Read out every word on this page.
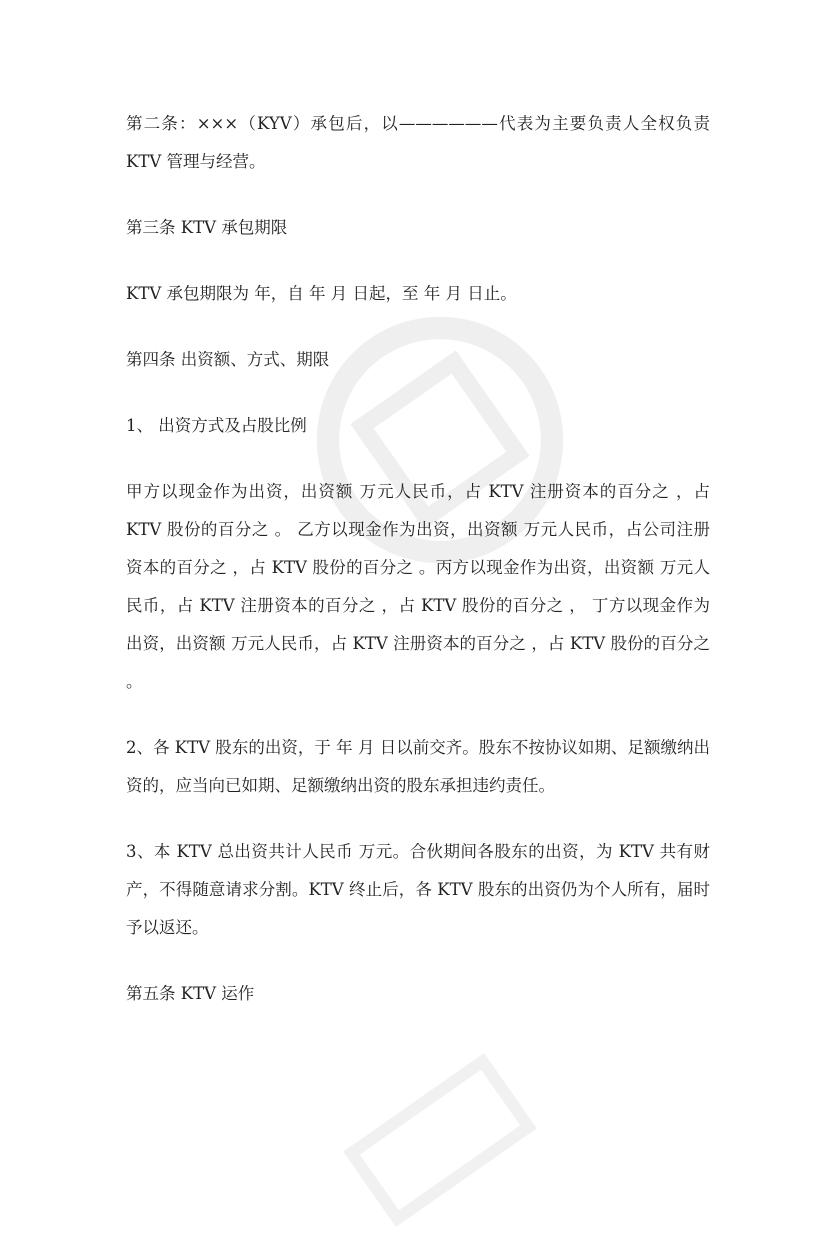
第二条：×××（KYV）承包后，以——————代表为主要负责人全权负责 KTV 管理与经营。

第三条 KTV 承包期限

KTV 承包期限为 年，自 年 月 日起，至 年 月 日止。

第四条 出资额、方式、期限

1、 出资方式及占股比例

甲方以现金作为出资，出资额 万元人民币，占 KTV 注册资本的百分之 ，占 KTV 股份的百分之 。 乙方以现金作为出资，出资额 万元人民币，占公司注册资本的百分之 ，占 KTV 股份的百分之 。丙方以现金作为出资，出资额 万元人民币，占 KTV 注册资本的百分之 ，占 KTV 股份的百分之 ， 丁方以现金作为出资，出资额 万元人民币，占 KTV 注册资本的百分之 ，占 KTV 股份的百分之 。

2、各 KTV 股东的出资，于 年 月 日以前交齐。股东不按协议如期、足额缴纳出资的，应当向已如期、足额缴纳出资的股东承担违约责任。

3、本 KTV 总出资共计人民币 万元。合伙期间各股东的出资，为 KTV 共有财产，不得随意请求分割。KTV 终止后，各 KTV 股东的出资仍为个人所有，届时予以返还。

第五条 KTV 运作
